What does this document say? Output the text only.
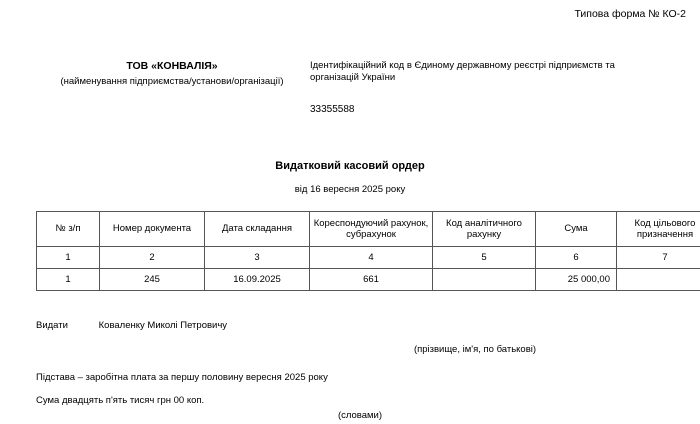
Типова форма № КО-2
ТОВ «КОНВАЛІЯ»
(найменування підприємства/установи/організації)
Ідентифікаційний код в Єдиному державному реєстрі підприємств та організацій України
33355588
Видатковий касовий ордер
від 16 вересня 2025 року
№ з/п	Номер документа	Дата складання	Кореспондуючий рахунок, субрахунок	Код аналітичного рахунку	Сума	Код цільового призначення
1	2	3	4	5	6	7
1	245	16.09.2025	661		25 000,00	
Видати	Коваленку Миколі Петровичу
(прізвище, ім'я, по батькові)
Підстава – заробітна плата за першу половину вересня 2025 року
Сума двадцять п'ять тисяч грн 00 коп.
(словами)
